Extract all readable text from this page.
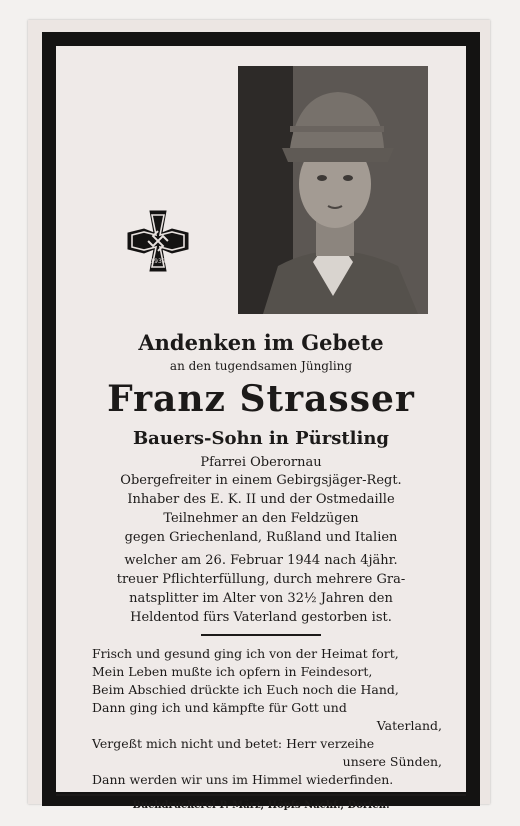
1939
Andenken im Gebete
an den tugendsamen Jüngling
Franz Strasser
Bauers-Sohn in Pürstling
Pfarrei Oberornau
Obergefreiter in einem Gebirgsjäger-Regt.
Inhaber des E. K. II und der Ostmedaille
Teilnehmer an den Feldzügen
gegen Griechenland, Rußland und Italien
welcher am 26. Februar 1944 nach 4jähr.
treuer Pflichterfüllung, durch mehrere Gra-
natsplitter im Alter von 32½ Jahren den
Heldentod fürs Vaterland gestorben ist.
Frisch und gesund ging ich von der Heimat fort,
Mein Leben mußte ich opfern in Feindesort,
Beim Abschied drückte ich Euch noch die Hand,
Dann ging ich und kämpfte für Gott und
Vaterland,
Vergeßt mich nicht und betet: Herr verzeihe
unsere Sünden,
Dann werden wir uns im Himmel wiederfinden.
Buchdruckerei P. März, Höpfs Nachf., Dorfen.
